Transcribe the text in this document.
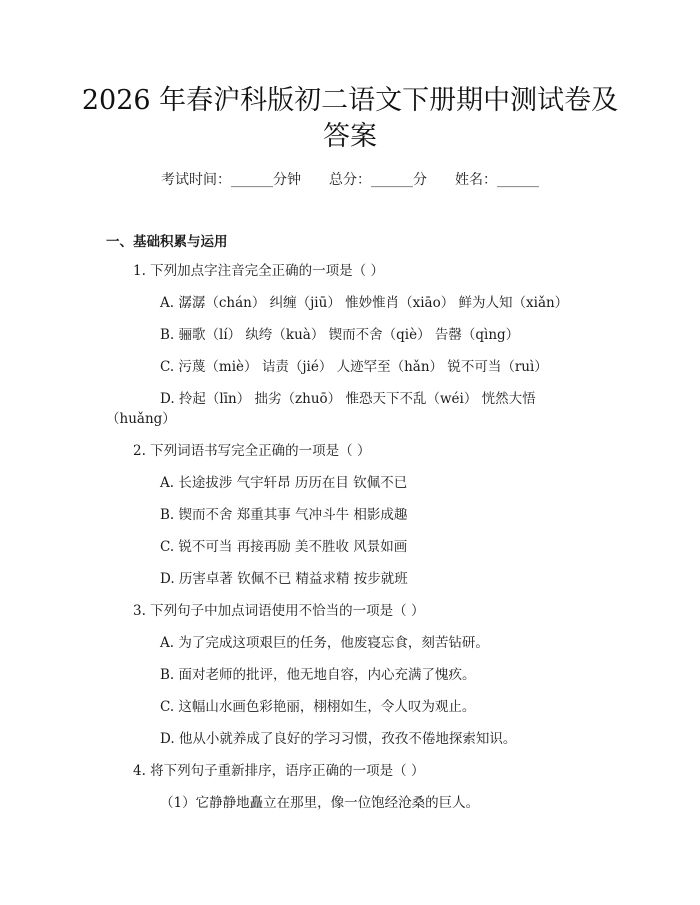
2026 年春沪科版初二语文下册期中测试卷及
答案
考试时间：______分钟 总分：______分 姓名：______
一、基础积累与运用
1. 下列加点字注音完全正确的一项是（ ）
A. 潺潺（chán） 纠缠（jiū） 惟妙惟肖（xiāo） 鲜为人知（xiǎn）
B. 骊歌（lí） 纨绔（kuà） 锲而不舍（qiè） 告罄（qìng）
C. 污蔑（miè） 诘责（jié） 人迹罕至（hǎn） 锐不可当（ruì）
D. 拎起（līn） 拙劣（zhuō） 惟恐天下不乱（wéi） 恍然大悟
（huǎng）
2. 下列词语书写完全正确的一项是（ ）
A. 长途拔涉 气宇轩昂 历历在目 钦佩不已
B. 锲而不舍 郑重其事 气冲斗牛 相影成趣
C. 锐不可当 再接再励 美不胜收 风景如画
D. 历害卓著 钦佩不已 精益求精 按步就班
3. 下列句子中加点词语使用不恰当的一项是（ ）
A. 为了完成这项艰巨的任务，他废寝忘食，刻苦钻研。
B. 面对老师的批评，他无地自容，内心充满了愧疚。
C. 这幅山水画色彩艳丽，栩栩如生，令人叹为观止。
D. 他从小就养成了良好的学习习惯，孜孜不倦地探索知识。
4. 将下列句子重新排序，语序正确的一项是（ ）
（1）它静静地矗立在那里，像一位饱经沧桑的巨人。
